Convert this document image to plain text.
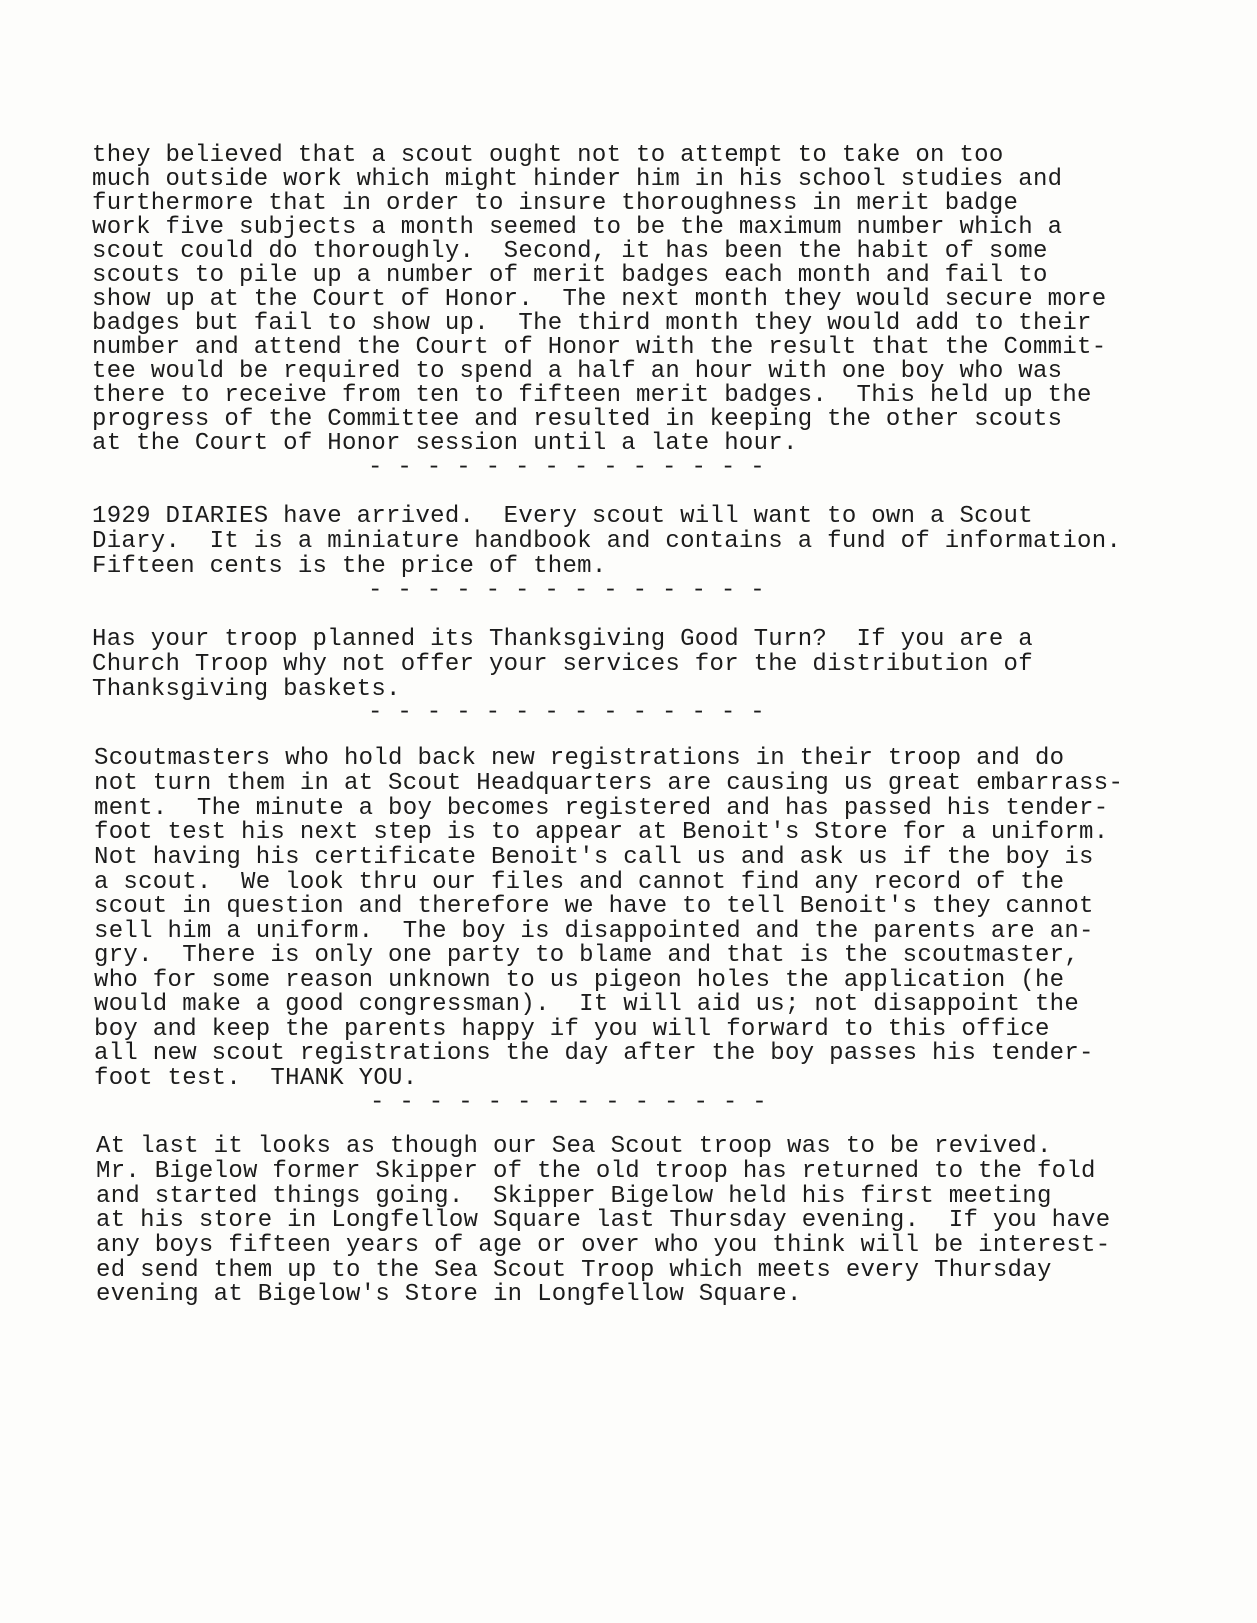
they believed that a scout ought not to attempt to take on too
much outside work which might hinder him in his school studies and
furthermore that in order to insure thoroughness in merit badge
work five subjects a month seemed to be the maximum number which a
scout could do thoroughly.  Second, it has been the habit of some
scouts to pile up a number of merit badges each month and fail to
show up at the Court of Honor.  The next month they would secure more
badges but fail to show up.  The third month they would add to their
number and attend the Court of Honor with the result that the Commit-
tee would be required to spend a half an hour with one boy who was
there to receive from ten to fifteen merit badges.  This held up the
progress of the Committee and resulted in keeping the other scouts
at the Court of Honor session until a late hour.
- - - - - - - - - - - - - -
1929 DIARIES have arrived.  Every scout will want to own a Scout
Diary.  It is a miniature handbook and contains a fund of information.
Fifteen cents is the price of them.
- - - - - - - - - - - - - -
Has your troop planned its Thanksgiving Good Turn?  If you are a
Church Troop why not offer your services for the distribution of
Thanksgiving baskets.
- - - - - - - - - - - - - -
Scoutmasters who hold back new registrations in their troop and do
not turn them in at Scout Headquarters are causing us great embarrass-
ment.  The minute a boy becomes registered and has passed his tender-
foot test his next step is to appear at Benoit's Store for a uniform.
Not having his certificate Benoit's call us and ask us if the boy is
a scout.  We look thru our files and cannot find any record of the
scout in question and therefore we have to tell Benoit's they cannot
sell him a uniform.  The boy is disappointed and the parents are an-
gry.  There is only one party to blame and that is the scoutmaster,
who for some reason unknown to us pigeon holes the application (he
would make a good congressman).  It will aid us; not disappoint the
boy and keep the parents happy if you will forward to this office
all new scout registrations the day after the boy passes his tender-
foot test.  THANK YOU.
- - - - - - - - - - - - - -
At last it looks as though our Sea Scout troop was to be revived.
Mr. Bigelow former Skipper of the old troop has returned to the fold
and started things going.  Skipper Bigelow held his first meeting
at his store in Longfellow Square last Thursday evening.  If you have
any boys fifteen years of age or over who you think will be interest-
ed send them up to the Sea Scout Troop which meets every Thursday
evening at Bigelow's Store in Longfellow Square.
